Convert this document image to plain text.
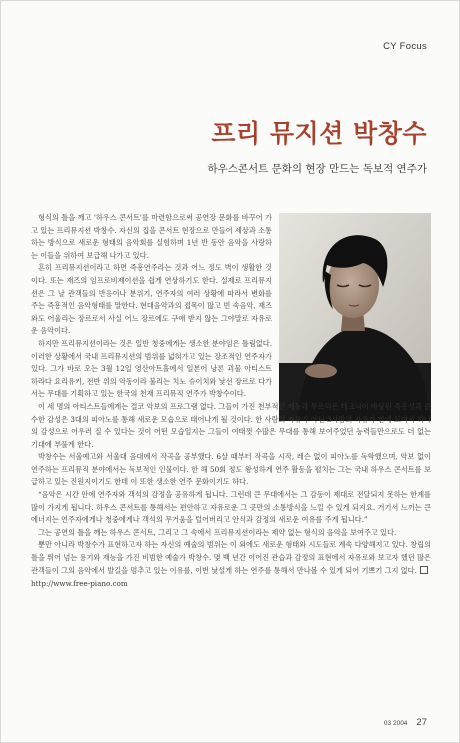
CY Focus
프리 뮤지션 박창수
하우스콘서트 문화의 현장 만드는 독보적 연주가

형식의 틀을 깨고 '하우스 콘서트'를 마련함으로써 공연장 문화를 바꾸어 가고 있는 프리뮤지션 박창수. 자신의 집을 콘서트 현장으로 만들어 세상과 소통하는 방식으로 새로운 형태의 음악회를 실험하며 1년 반 동안 음악을 사랑하는 이들을 위하여 보급해 나가고 있다.

흔히 프리뮤지션이라고 하면 즉흥연주라는 것과 어느 정도 벽이 생활한 것이다. 또는 재즈의 임프로비제이션을 쉽게 연상하기도 한다. 실제로 프리뮤지션은 그 날 관객들의 반응이나 분위기, 연주자의 여러 상황에 따라서 변화를 주는 즉흥적인 음악형태를 말한다. 현대음악과의 접목이 많고 빈 속음악, 재즈와도 어울리는 장르로서 사실 어느 장르에도 구애 받지 않는 그야말로 자유로운 음악이다.

하지만 프리뮤지션이라는 것은 일반 청중에게는 생소한 분야임은 틀림없다. 이러한 상황에서 국내 프리뮤지션의 범위를 넓혀가고 있는 장조적인 연주자가 있다. 그가 바로 오는 3월 12일 영산아트홀에서 일본어 낭론 괴물 아티스트 하라다 요리유키, 전반 위의 악동이라 불리는 치노 슈이치와 낯선 장르로 다가서는 무대를 기획하고 있는 한국의 천재 프리뮤직 연주가 박창수이다.

이 세 명의 아티스트들에게는 결코 악보의 프로그램 없다. 그들이 가진 천부적인 재능과 무르익은 테크닉이 바탕된 즉흥성과 순수한 감성은 3대의 피아노를 통해 새로운 모습으로 태어나게 될 것이다. 한 사람의 자유가 아닌 3사람의 자유가 한데 모여서 하나의 감성으로 어우러 질 수 있다는 것이 어떤 모습일지는 그들이 여태껏 수많은 무대를 통해 보여주었던 능력들만으로도 더 없는 기대에 부풀게 한다.

박창수는 서울예고와 서울대 음대에서 작곡을 공부했다. 6살 때부터 작곡을 시작, 레슨 없이 피아노를 독학했으며, 악보 없이 연주하는 프리뮤직 분야에서는 독보적인 인물이다. 한 해 50회 정도 왕성하게 연주 활동을 펼치는 그는 국내 하우스 콘서트를 보급하고 있는 진원지이기도 한데 이 또한 생소한 연주 문화이기도 하다.

“음악은 시간 안에 연주자와 객석의 감정을 공유하게 됩니다. 그런데 큰 무대에서는 그 감동이 제대로 전달되지 못하는 한계를 많이 가지게 됩니다. 하우스 콘서트를 통해서는 편안하고 자유로운 그 곳만의 소통방식을 느낄 수 있게 되지요. 거기서 느끼는 큰 에너지는 연주자에게나 청중에게나 객석의 무거움을 털어버리고 안식과 감정의 새로운 여유를 주게 됩니다.”

그는 공연의 틀을 깨는 하우스 콘서트, 그리고 그 속에서 프리뮤지션이라는 제약 없는 형식의 음악을 보여주고 있다.

뿐만 아니라 박창수가 표현하고자 하는 자신의 예술의 범위는 이 외에도 새로운 형태와 시도들로 계속 다양해지고 있다. 창립의 틀을 뛰어 넘는 용기와 재능을 가진 비범한 예술가 박창수. 몇 백 년간 이어진 관습과 감정의 표현에서 자유로와 보고자 했던 많은 관객들이 그의 음악에서 발길을 멈추고 있는 이유를, 이번 낯설게 하는 연주를 통해서 만나볼 수 있게 되어 기쁘기 그지 없다.

http://www.free-piano.com

03 2004 27
